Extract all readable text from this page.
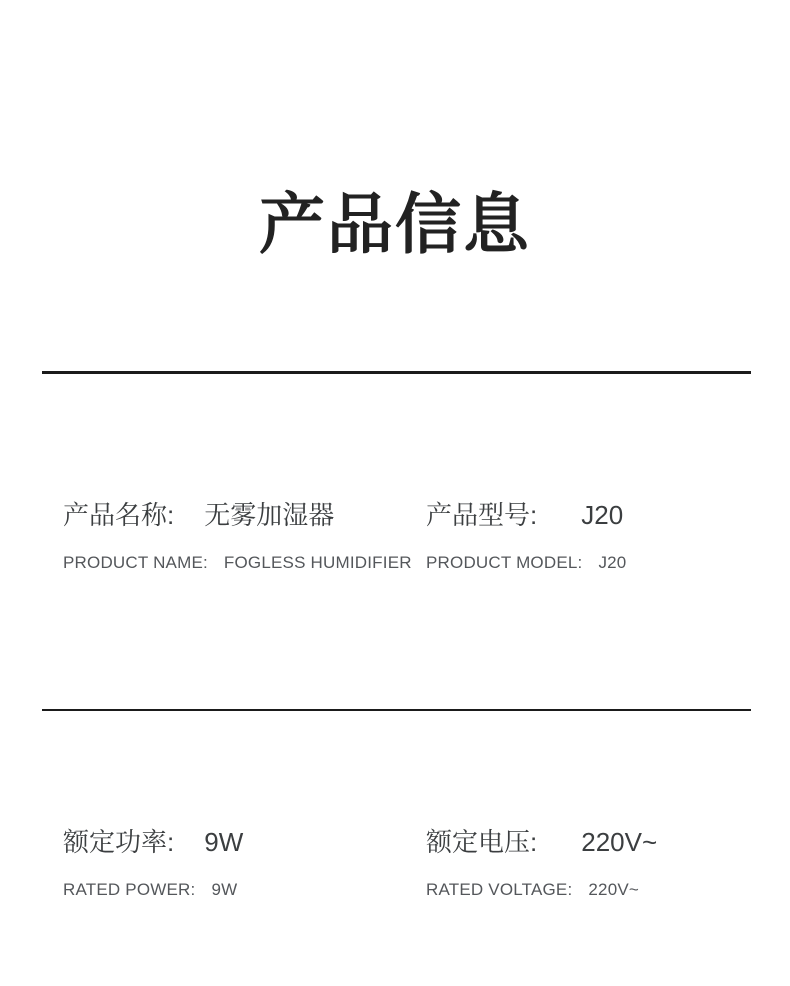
产品信息
产品名称: 无雾加湿器
PRODUCT NAME: FOGLESS HUMIDIFIER
产品型号: J20
PRODUCT MODEL: J20
额定功率: 9W
RATED POWER: 9W
额定电压: 220V~
RATED VOLTAGE: 220V~
